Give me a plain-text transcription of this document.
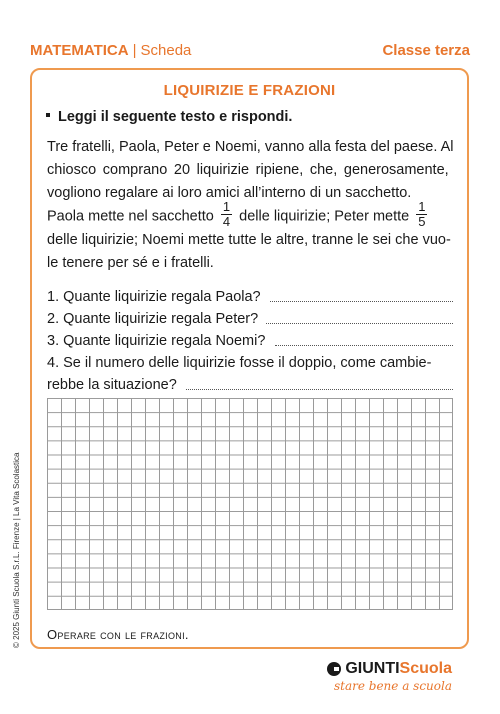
MATEMATICA | Scheda	Classe terza
LIQUIRIZIE E FRAZIONI
Leggi il seguente testo e rispondi.
Tre fratelli, Paola, Peter e Noemi, vanno alla festa del paese. Al
chiosco comprano 20 liquirizie ripiene, che, generosamente,
vogliono regalare ai loro amici all’interno di un sacchetto.
Paola mette nel sacchetto $\frac{1}{4}$ delle liquirizie; Peter mette $\frac{1}{5}$
delle liquirizie; Noemi mette tutte le altre, tranne le sei che vuo-
le tenere per sé e i fratelli.
1. Quante liquirizie regala Paola?
2. Quante liquirizie regala Peter?
3. Quante liquirizie regala Noemi?
4. Se il numero delle liquirizie fosse il doppio, come cambie-
rebbe la situazione?
Operare con le frazioni.
© 2025 Giunti Scuola S.r.L. Firenze | La Vita Scolastica
GIUNTI Scuola
stare bene a scuola
